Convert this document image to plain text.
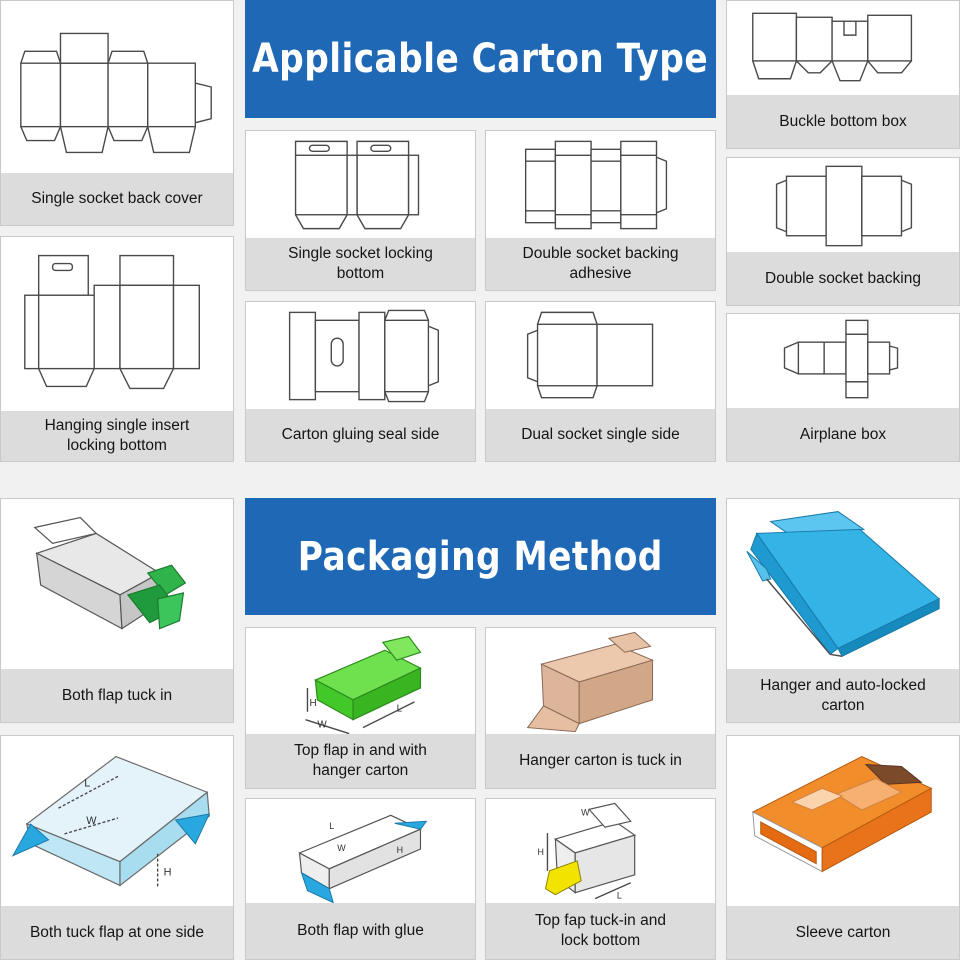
Single socket back cover
Hanging single insert
locking bottom
Applicable Carton Type
Single socket locking
bottom
Double socket backing
adhesive
Carton gluing seal side	Dual socket single side
Buckle bottom box
Double socket backing
Airplane box
Both flap tuck in
L
W
H
Both tuck flap at one side
Packaging Method
H
W
L
Top flap in and with
hanger carton
Hanger carton is tuck in
L
W	H
Both flap with glue
H
W
L
Top fap tuck-in and
lock bottom
Hanger and auto-locked
carton
Sleeve carton
